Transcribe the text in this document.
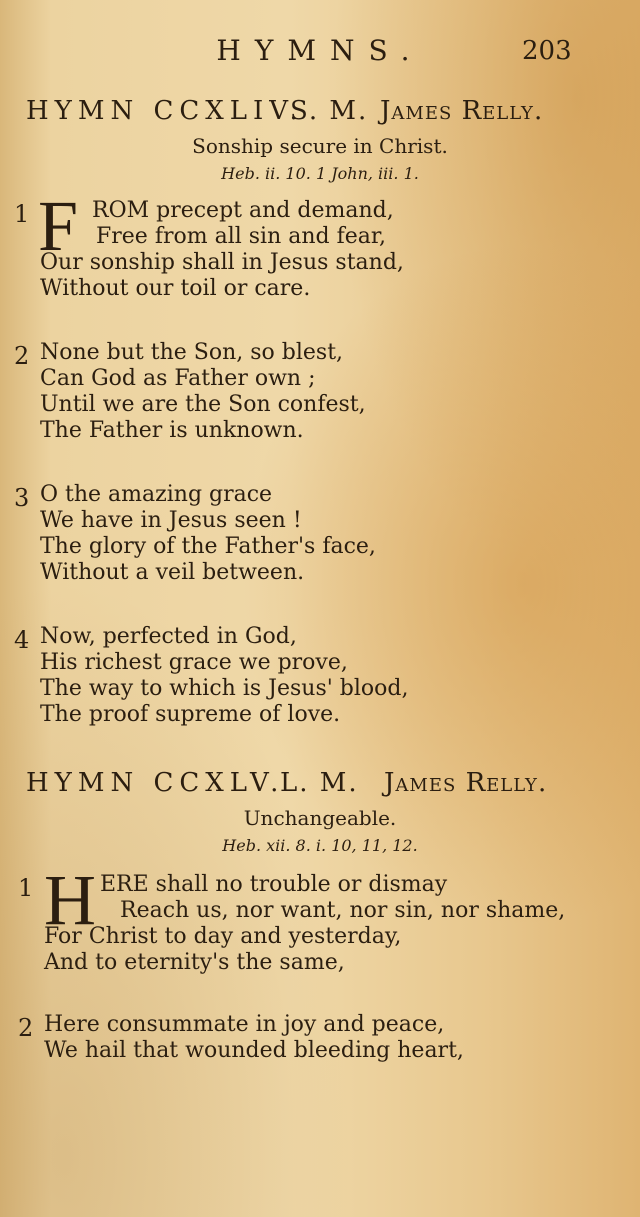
HYMNS.	203
HYMN CCXLIV.
S. M. James Relly.
Sonship secure in Christ.
Heb. ii. 10. 1 John, iii. 1.
1 F ROM precept and demand,
Free from all sin and fear,
Our sonship shall in Jesus stand,
Without our toil or care.
2 None but the Son, so blest,
Can God as Father own ;
Until we are the Son confest,
The Father is unknown.
3 O the amazing grace
We have in Jesus seen !
The glory of the Father's face,
Without a veil between.
4 Now, perfected in God,
His richest grace we prove,
The way to which is Jesus' blood,
The proof supreme of love.
HYMN CCXLV.
L. M. James Relly.
Unchangeable.
Heb. xii. 8. i. 10, 11, 12.
1 H ERE shall no trouble or dismay
Reach us, nor want, nor sin, nor shame,
For Christ to day and yesterday,
And to eternity's the same,
2 Here consummate in joy and peace,
We hail that wounded bleeding heart,
